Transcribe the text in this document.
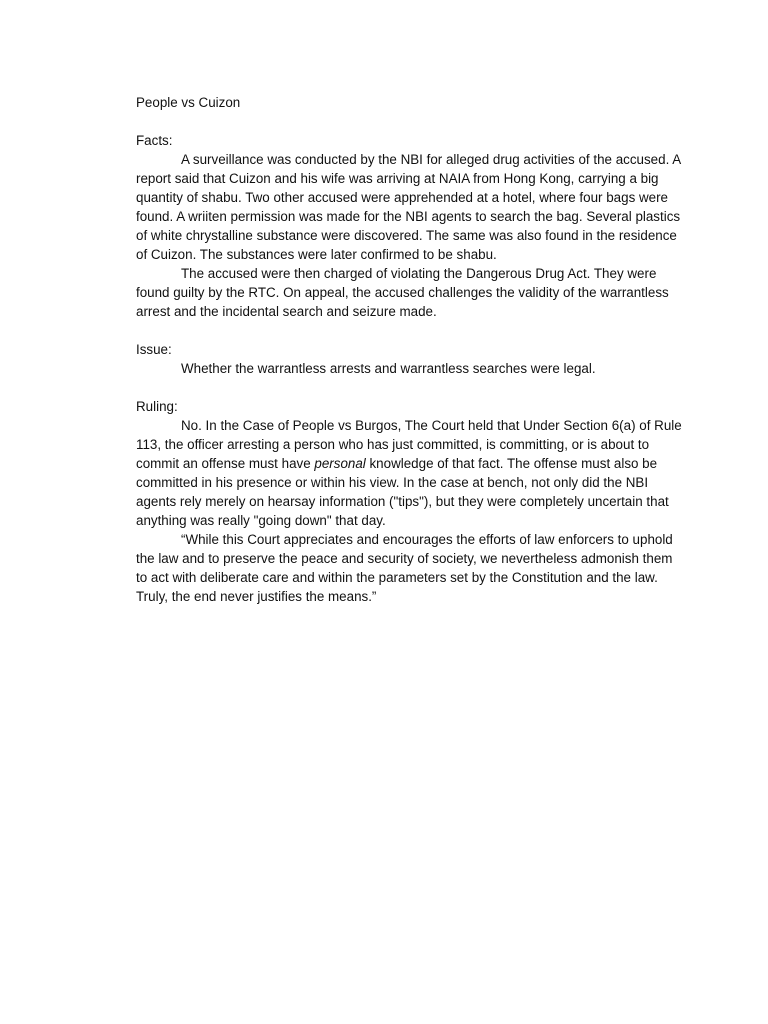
People vs Cuizon

Facts:

A surveillance was conducted by the NBI for alleged drug activities of the accused. A report said that Cuizon and his wife was arriving at NAIA from Hong Kong, carrying a big quantity of shabu. Two other accused were apprehended at a hotel, where four bags were found. A wriiten permission was made for the NBI agents to search the bag. Several plastics of white chrystalline substance were discovered. The same was also found in the residence of Cuizon. The substances were later confirmed to be shabu.

The accused were then charged of violating the Dangerous Drug Act. They were found guilty by the RTC. On appeal, the accused challenges the validity of the warrantless arrest and the incidental search and seizure made.

Issue:

Whether the warrantless arrests and warrantless searches were legal.

Ruling:

No. In the Case of People vs Burgos, The Court held that Under Section 6(a) of Rule 113, the officer arresting a person who has just committed, is committing, or is about to commit an offense must have personal knowledge of that fact. The offense must also be committed in his presence or within his view. In the case at bench, not only did the NBI agents rely merely on hearsay information ("tips"), but they were completely uncertain that anything was really "going down" that day.

“While this Court appreciates and encourages the efforts of law enforcers to uphold the law and to preserve the peace and security of society, we nevertheless admonish them to act with deliberate care and within the parameters set by the Constitution and the law. Truly, the end never justifies the means.”
